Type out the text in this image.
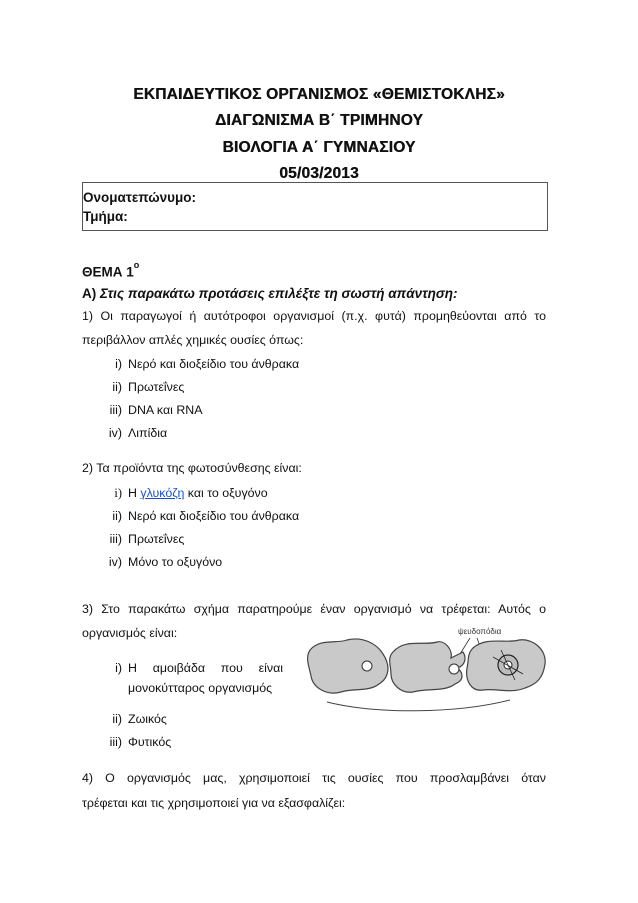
ΕΚΠΑΙΔΕΥΤΙΚΟΣ ΟΡΓΑΝΙΣΜΟΣ «ΘΕΜΙΣΤΟΚΛΗΣ»
ΔΙΑΓΩΝΙΣΜΑ Β΄ ΤΡΙΜΗΝΟΥ
ΒΙΟΛΟΓΙΑ Α΄ ΓΥΜΝΑΣΙΟΥ
05/03/2013
Ονοματεπώνυμο:
Τμήμα:
ΘΕΜΑ $1^o$
Α) Στις παρακάτω προτάσεις επιλέξτε τη σωστή απάντηση:
1) Οι παραγωγοί ή αυτότροφοι οργανισμοί (π.χ. φυτά) προμηθεύονται από το
περιβάλλον απλές χημικές ουσίες όπως:
i) Νερό και διοξείδιο του άνθρακα
ii) Πρωτεΐνες
iii) DNA και RNA
iv) Λιπίδια
2) Τα προϊόντα της φωτοσύνθεσης είναι:
i) Η γλυκόζη και το οξυγόνο
ii) Νερό και διοξείδιο του άνθρακα
iii) Πρωτεΐνες
iv) Μόνο το οξυγόνο
3) Στο παρακάτω σχήμα παρατηρούμε έναν οργανισμό να τρέφεται: Αυτός ο
οργανισμός είναι:
i) Η αμοιβάδα που είναι
μονοκύτταρος οργανισμός
ii) Ζωικός
iii) Φυτικός
ψευδοπόδια
4) Ο οργανισμός μας, χρησιμοποιεί τις ουσίες που προσλαμβάνει όταν
τρέφεται και τις χρησιμοποιεί για να εξασφαλίζει:
